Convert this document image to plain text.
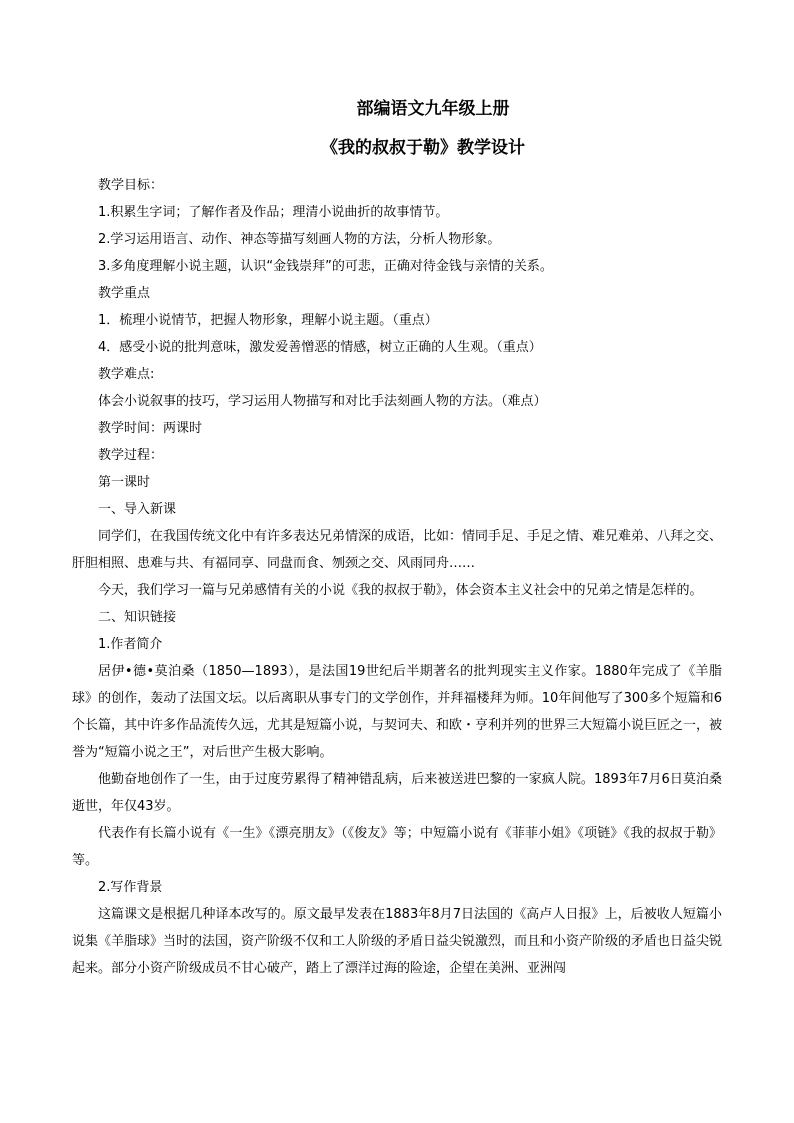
部编语文九年级上册
《我的叔叔于勒》教学设计

教学目标：

1.积累生字词；了解作者及作品；理清小说曲折的故事情节。

2.学习运用语言、动作、神态等描写刻画人物的方法，分析人物形象。

3.多角度理解小说主题，认识“金钱崇拜”的可悲，正确对待金钱与亲情的关系。

教学重点

1．梳理小说情节，把握人物形象，理解小说主题。（重点）

4．感受小说的批判意味，激发爱善憎恶的情感，树立正确的人生观。（重点）

教学难点:

体会小说叙事的技巧，学习运用人物描写和对比手法刻画人物的方法。（难点）

教学时间：两课时

教学过程：

第一课时

一、导入新课

同学们，在我国传统文化中有许多表达兄弟情深的成语，比如：情同手足、手足之情、难兄难弟、八拜之交、肝胆相照、患难与共、有福同享、同盘而食、刎颈之交、风雨同舟……

今天，我们学习一篇与兄弟感情有关的小说《我的叔叔于勒》，体会资本主义社会中的兄弟之情是怎样的。

二、知识链接

1.作者简介

居伊•德•莫泊桑（1850—1893），是法国19世纪后半期著名的批判现实主义作家。1880年完成了《羊脂球》的创作，轰动了法国文坛。以后离职从事专门的文学创作，并拜福楼拜为师。10年间他写了300多个短篇和6个长篇，其中许多作品流传久远，尤其是短篇小说，与契诃夫、和欧・亨利并列的世界三大短篇小说巨匠之一，被誉为“短篇小说之王”，对后世产生极大影响。

他勤奋地创作了一生，由于过度劳累得了精神错乱病，后来被送进巴黎的一家疯人院。1893年7月6日莫泊桑逝世，年仅43岁。

代表作有长篇小说有《一生》《漂亮朋友》（《俊友》等；中短篇小说有《菲菲小姐》《项链》《我的叔叔于勒》等。

2.写作背景

这篇课文是根据几种译本改写的。原文最早发表在1883年8月7日法国的《高卢人日报》上，后被收人短篇小说集《羊脂球》当时的法国，资产阶级不仅和工人阶级的矛盾日益尖锐激烈，而且和小资产阶级的矛盾也日益尖锐起来。部分小资产阶级成员不甘心破产，踏上了漂洋过海的险途，企望在美洲、亚洲闯
